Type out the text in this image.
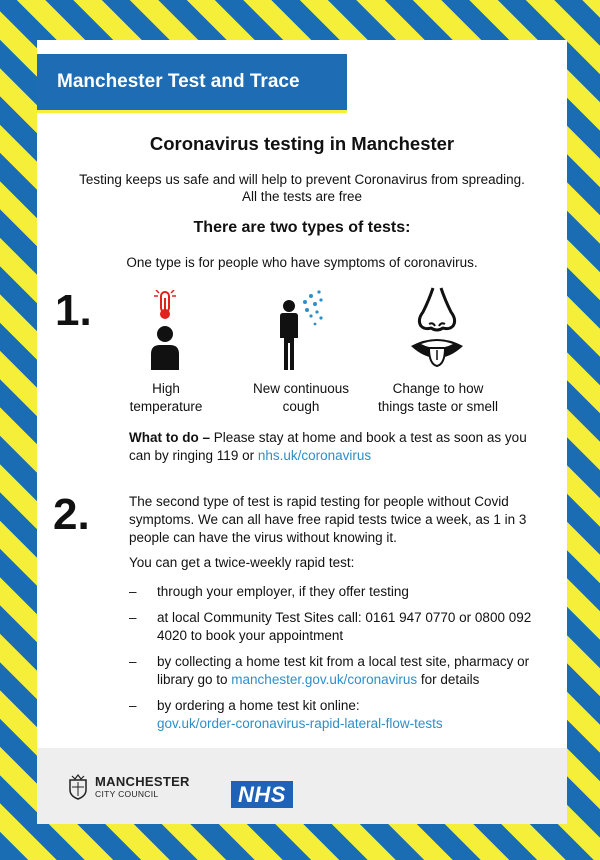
Manchester Test and Trace
Coronavirus testing in Manchester
Testing keeps us safe and will help to prevent Coronavirus from spreading.
All the tests are free
There are two types of tests:
1.
One type is for people who have symptoms of coronavirus.
High
temperature
New continuous
cough
Change to how
things taste or smell
What to do – Please stay at home and book a test as soon as you can by ringing 119 or nhs.uk/coronavirus
2.	The second type of test is rapid testing for people without Covid symptoms. We can all have free rapid tests twice a week, as 1 in 3 people can have the virus without knowing it.
You can get a twice-weekly rapid test:
– through your employer, if they offer testing
– at local Community Test Sites call: 0161 947 0770 or 0800 092 4020 to book your appointment
– by collecting a home test kit from a local test site, pharmacy or library go to manchester.gov.uk/coronavirus for details
– by ordering a home test kit online:
gov.uk/order-coronavirus-rapid-lateral-flow-tests
MANCHESTER
CITY COUNCIL	NHS
